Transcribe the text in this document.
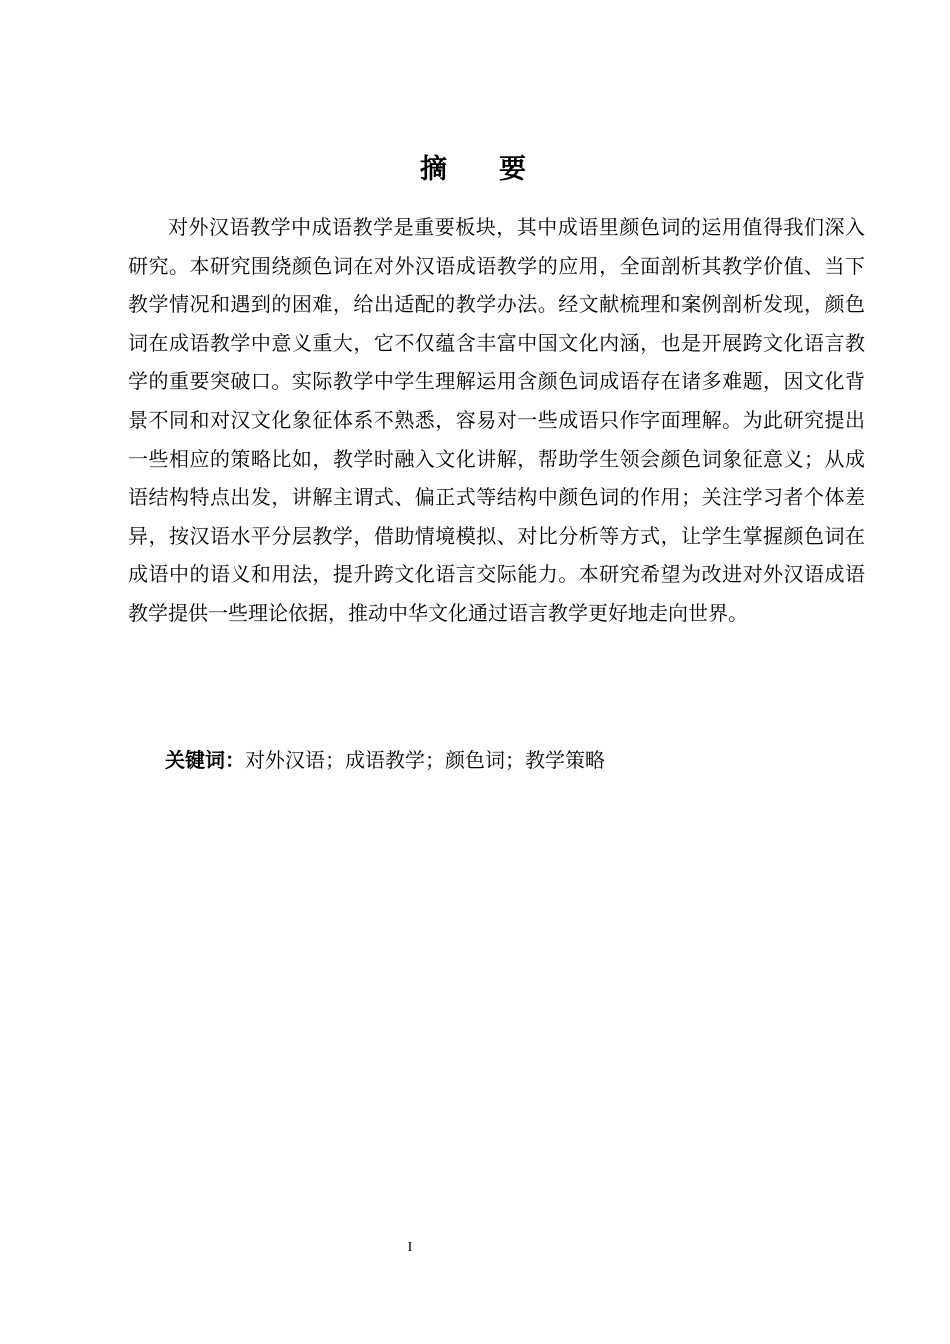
摘要

对外汉语教学中成语教学是重要板块，其中成语里颜色词的运用值得我们深入研究。本研究围绕颜色词在对外汉语成语教学的应用，全面剖析其教学价值、当下教学情况和遇到的困难，给出适配的教学办法。经文献梳理和案例剖析发现，颜色词在成语教学中意义重大，它不仅蕴含丰富中国文化内涵，也是开展跨文化语言教学的重要突破口。实际教学中学生理解运用含颜色词成语存在诸多难题，因文化背景不同和对汉文化象征体系不熟悉，容易对一些成语只作字面理解。为此研究提出一些相应的策略比如，教学时融入文化讲解，帮助学生领会颜色词象征意义；从成语结构特点出发，讲解主谓式、偏正式等结构中颜色词的作用；关注学习者个体差异，按汉语水平分层教学，借助情境模拟、对比分析等方式，让学生掌握颜色词在成语中的语义和用法，提升跨文化语言交际能力。本研究希望为改进对外汉语成语教学提供一些理论依据，推动中华文化通过语言教学更好地走向世界。

关键词：对外汉语；成语教学；颜色词；教学策略
I
